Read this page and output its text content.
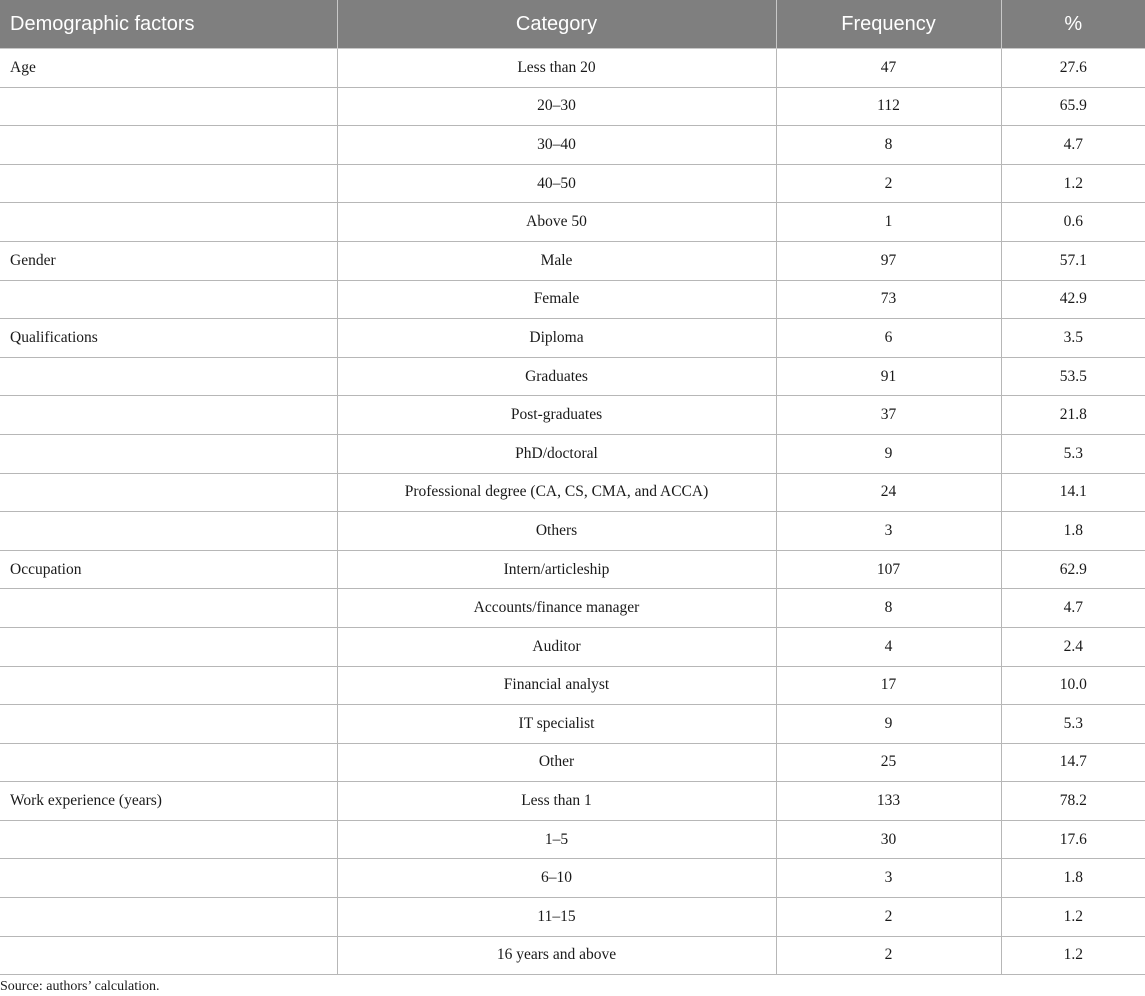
Demographic factors	Category	Frequency	%
Age	Less than 20	47	27.6
	20–30	112	65.9
	30–40	8	4.7
	40–50	2	1.2
	Above 50	1	0.6
Gender	Male	97	57.1
	Female	73	42.9
Qualifications	Diploma	6	3.5
	Graduates	91	53.5
	Post-graduates	37	21.8
	PhD/doctoral	9	5.3
	Professional degree (CA, CS, CMA, and ACCA)	24	14.1
	Others	3	1.8
Occupation	Intern/articleship	107	62.9
	Accounts/finance manager	8	4.7
	Auditor	4	2.4
	Financial analyst	17	10.0
	IT specialist	9	5.3
	Other	25	14.7
Work experience (years)	Less than 1	133	78.2
	1–5	30	17.6
	6–10	3	1.8
	11–15	2	1.2
	16 years and above	2	1.2
Source: authors’ calculation.
